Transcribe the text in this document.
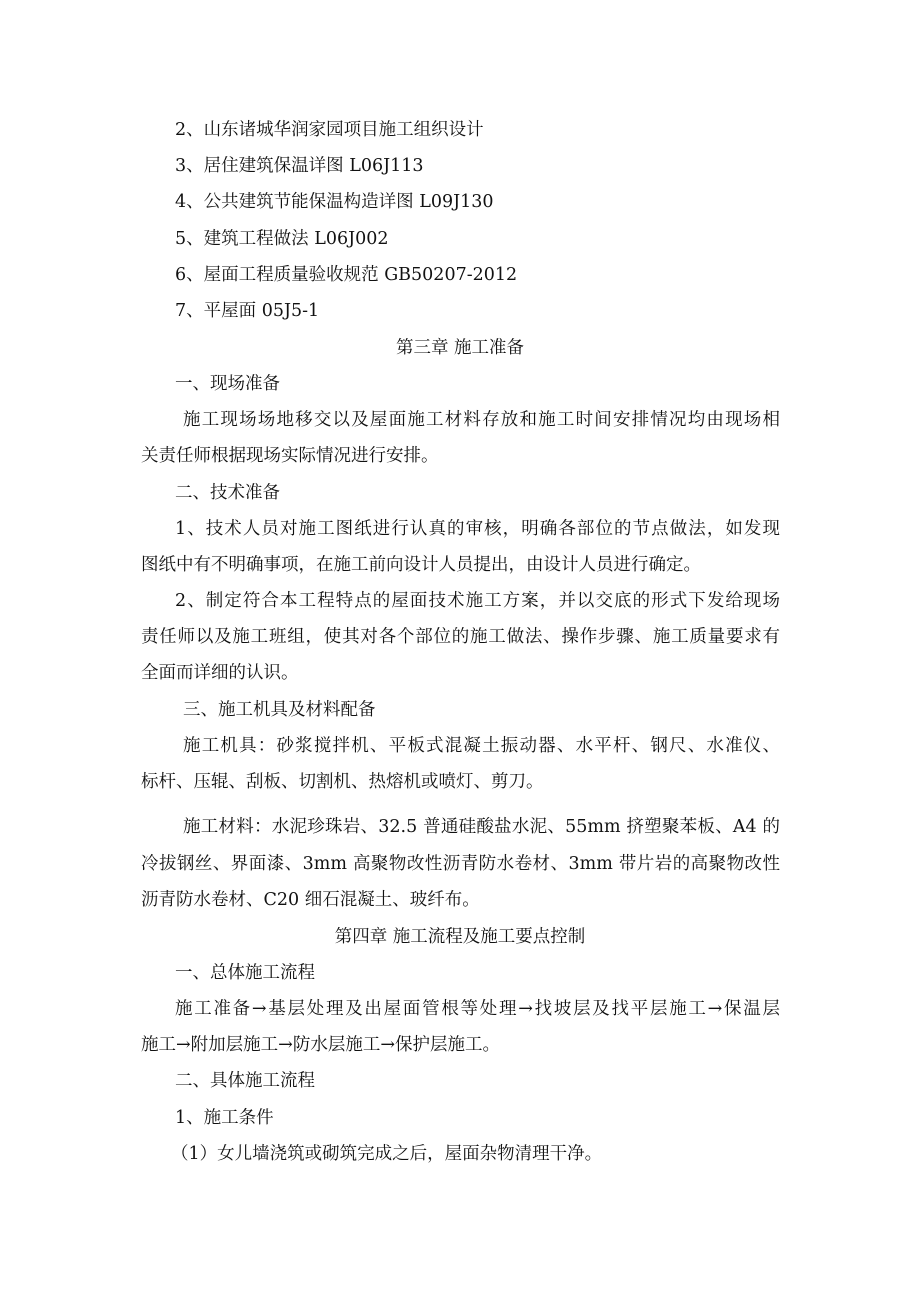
2、山东诸城华润家园项目施工组织设计
3、居住建筑保温详图 L06J113
4、公共建筑节能保温构造详图 L09J130
5、建筑工程做法 L06J002
6、屋面工程质量验收规范 GB50207-2012
7、平屋面 05J5-1
第三章 施工准备
一、现场准备
施工现场场地移交以及屋面施工材料存放和施工时间安排情况均由现场相
关责任师根据现场实际情况进行安排。
二、技术准备
1、技术人员对施工图纸进行认真的审核，明确各部位的节点做法，如发现
图纸中有不明确事项，在施工前向设计人员提出，由设计人员进行确定。
2、制定符合本工程特点的屋面技术施工方案，并以交底的形式下发给现场
责任师以及施工班组，使其对各个部位的施工做法、操作步骤、施工质量要求有
全面而详细的认识。
三、施工机具及材料配备
施工机具：砂浆搅拌机、平板式混凝土振动器、水平杆、钢尺、水准仪、
标杆、压辊、刮板、切割机、热熔机或喷灯、剪刀。
施工材料：水泥珍珠岩、32.5 普通硅酸盐水泥、55mm 挤塑聚苯板、A4 的
冷拔钢丝、界面漆、3mm 高聚物改性沥青防水卷材、3mm 带片岩的高聚物改性
沥青防水卷材、C20 细石混凝土、玻纤布。
第四章 施工流程及施工要点控制
一、总体施工流程
施工准备→基层处理及出屋面管根等处理→找坡层及找平层施工→保温层
施工→附加层施工→防水层施工→保护层施工。
二、具体施工流程
1、施工条件
（1）女儿墙浇筑或砌筑完成之后，屋面杂物清理干净。
